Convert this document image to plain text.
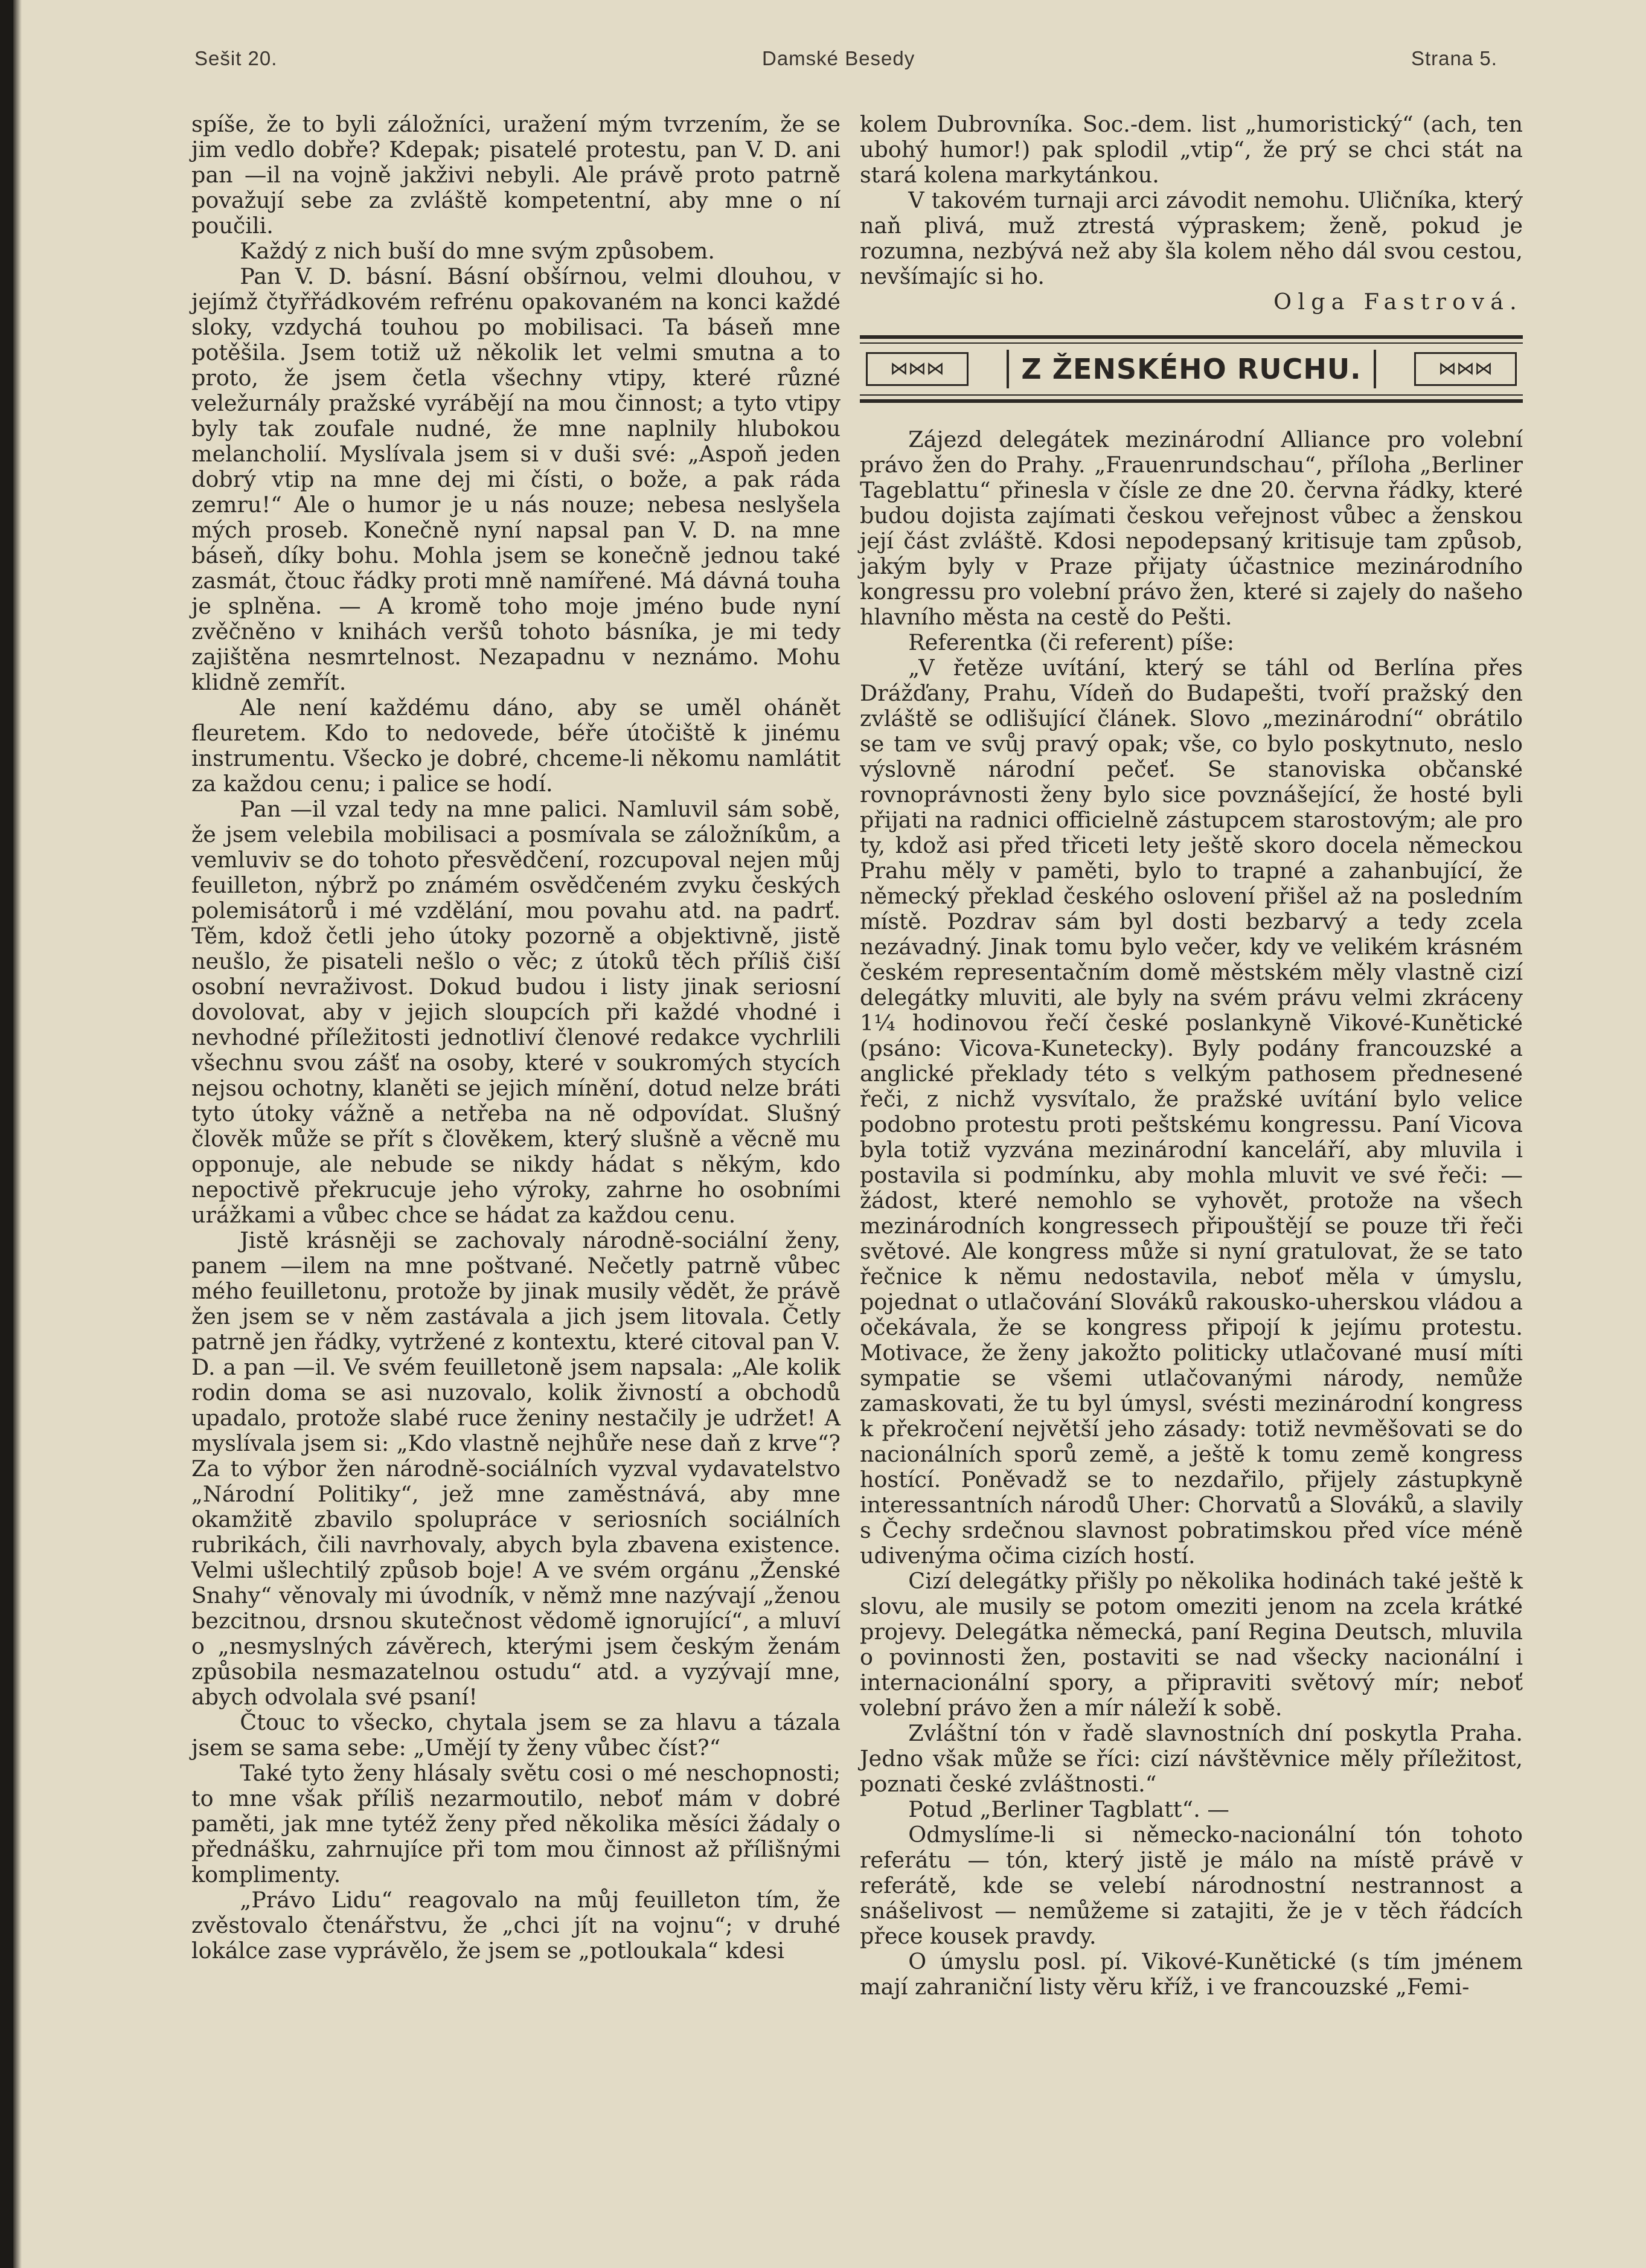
Sešit 20.	Damské Besedy	Strana 5.

spíše, že to byli záložníci, uražení mým tvrzením, že se jim vedlo dobře? Kdepak; pisatelé protestu, pan V. D. ani pan —il na vojně jakživi nebyli. Ale právě proto patrně považují sebe za zvláště kompetentní, aby mne o ní poučili.

Každý z nich buší do mne svým způsobem.

Pan V. D. básní. Básní obšírnou, velmi dlouhou, v jejímž čtyřřádkovém refrénu opakovaném na konci každé sloky, vzdychá touhou po mobilisaci. Ta báseň mne potěšila. Jsem totiž už několik let velmi smutna a to proto, že jsem četla všechny vtipy, které různé veležurnály pražské vyrábějí na mou činnost; a tyto vtipy byly tak zoufale nudné, že mne naplnily hlubokou melancholií. Myslívala jsem si v duši své: „Aspoň jeden dobrý vtip na mne dej mi čísti, o bože, a pak ráda zemru!“ Ale o humor je u nás nouze; nebesa neslyšela mých proseb. Konečně nyní napsal pan V. D. na mne báseň, díky bohu. Mohla jsem se konečně jednou také zasmát, čtouc řádky proti mně namířené. Má dávná touha je splněna. — A kromě toho moje jméno bude nyní zvěčněno v knihách veršů tohoto básníka, je mi tedy zajištěna nesmrtelnost. Nezapadnu v neznámo. Mohu klidně zemřít.

Ale není každému dáno, aby se uměl ohánět fleuretem. Kdo to nedovede, béře útočiště k jinému instrumentu. Všecko je dobré, chceme-li někomu namlátit za každou cenu; i palice se hodí.

Pan —il vzal tedy na mne palici. Namluvil sám sobě, že jsem velebila mobilisaci a posmívala se záložníkům, a vemluviv se do tohoto přesvědčení, rozcupoval nejen můj feuilleton, nýbrž po známém osvědčeném zvyku českých polemisátorů i mé vzdělání, mou povahu atd. na padrť. Těm, kdož četli jeho útoky pozorně a objektivně, jistě neušlo, že pisateli nešlo o věc; z útoků těch příliš čiší osobní nevraživost. Dokud budou i listy jinak seriosní dovolovat, aby v jejich sloupcích při každé vhodné i nevhodné příležitosti jednotliví členové redakce vychrlili všechnu svou zášť na osoby, které v soukromých stycích nejsou ochotny, klaněti se jejich mínění, dotud nelze bráti tyto útoky vážně a netřeba na ně odpovídat. Slušný člověk může se přít s člověkem, který slušně a věcně mu opponuje, ale nebude se nikdy hádat s někým, kdo nepoctivě překrucuje jeho výroky, zahrne ho osobními urážkami a vůbec chce se hádat za každou cenu.

Jistě krásněji se zachovaly národně-sociální ženy, panem —ilem na mne poštvané. Nečetly patrně vůbec mého feuilletonu, protože by jinak musily vědět, že právě žen jsem se v něm zastávala a jich jsem litovala. Četly patrně jen řádky, vytržené z kontextu, které citoval pan V. D. a pan —il. Ve svém feuilletoně jsem napsala: „Ale kolik rodin doma se asi nuzovalo, kolik živností a obchodů upadalo, protože slabé ruce ženiny nestačily je udržet! A myslívala jsem si: „Kdo vlastně nejhůře nese daň z krve“? Za to výbor žen národně-sociálních vyzval vydavatelstvo „Národní Politiky“, jež mne zaměstnává, aby mne okamžitě zbavilo spolupráce v seriosních sociálních rubrikách, čili navrhovaly, abych byla zbavena existence. Velmi ušlechtilý způsob boje! A ve svém orgánu „Ženské Snahy“ věnovaly mi úvodník, v němž mne nazývají „ženou bezcitnou, drsnou skutečnost vědomě ignorující“, a mluví o „nesmyslných závěrech, kterými jsem českým ženám způsobila nesmazatelnou ostudu“ atd. a vyzývají mne, abych odvolala své psaní!

Čtouc to všecko, chytala jsem se za hlavu a tázala jsem se sama sebe: „Umějí ty ženy vůbec číst?“

Také tyto ženy hlásaly světu cosi o mé neschopnosti; to mne však příliš nezarmoutilo, neboť mám v dobré paměti, jak mne tytéž ženy před několika měsíci žádaly o přednášku, zahrnujíce při tom mou činnost až přílišnými komplimenty.

„Právo Lidu“ reagovalo na můj feuilleton tím, že zvěstovalo čtenářstvu, že „chci jít na vojnu“; v druhé lokálce zase vyprávělo, že jsem se „potloukala“ kdesi

kolem Dubrovníka. Soc.-dem. list „humoristický“ (ach, ten ubohý humor!) pak splodil „vtip“, že prý se chci stát na stará kolena markytánkou.

V takovém turnaji arci závodit nemohu. Uličníka, který naň plivá, muž ztrestá výpraskem; ženě, pokud je rozumna, nezbývá než aby šla kolem něho dál svou cestou, nevšímajíc si ho.

Olga Fastrová.

⋈⋈⋈	Z ŽENSKÉHO RUCHU.	⋈⋈⋈

Zájezd delegátek mezinárodní Alliance pro volební právo žen do Prahy. „Frauenrundschau“, příloha „Berliner Tageblattu“ přinesla v čísle ze dne 20. června řádky, které budou dojista zajímati českou veřejnost vůbec a ženskou její část zvláště. Kdosi nepodepsaný kritisuje tam způsob, jakým byly v Praze přijaty účastnice mezinárodního kongressu pro volební právo žen, které si zajely do našeho hlavního města na cestě do Pešti.

Referentka (či referent) píše:

„V řetěze uvítání, který se táhl od Berlína přes Drážďany, Prahu, Vídeň do Budapešti, tvoří pražský den zvláště se odlišující článek. Slovo „mezinárodní“ obrátilo se tam ve svůj pravý opak; vše, co bylo poskytnuto, neslo výslovně národní pečeť. Se stanoviska občanské rovnoprávnosti ženy bylo sice povznášející, že hosté byli přijati na radnici officielně zástupcem starostovým; ale pro ty, kdož asi před třiceti lety ještě skoro docela německou Prahu měly v paměti, bylo to trapné a zahanbující, že německý překlad českého oslovení přišel až na posledním místě. Pozdrav sám byl dosti bezbarvý a tedy zcela nezávadný. Jinak tomu bylo večer, kdy ve velikém krásném českém representačním domě městském měly vlastně cizí delegátky mluviti, ale byly na svém právu velmi zkráceny 1¼ hodinovou řečí české poslankyně Vikové-Kunětické (psáno: Vicova-Kunetecky). Byly podány francouzské a anglické překlady této s velkým pathosem přednesené řeči, z nichž vysvítalo, že pražské uvítání bylo velice podobno protestu proti peštskému kongressu. Paní Vicova byla totiž vyzvána mezinárodní kanceláří, aby mluvila i postavila si podmínku, aby mohla mluvit ve své řeči: — žádost, které nemohlo se vyhovět, protože na všech mezinárodních kongressech připouštějí se pouze tři řeči světové. Ale kongress může si nyní gratulovat, že se tato řečnice k němu nedostavila, neboť měla v úmyslu, pojednat o utlačování Slováků rakousko-uherskou vládou a očekávala, že se kongress připojí k jejímu protestu. Motivace, že ženy jakožto politicky utlačované musí míti sympatie se všemi utlačovanými národy, nemůže zamaskovati, že tu byl úmysl, svésti mezinárodní kongress k překročení největší jeho zásady: totiž nevměšovati se do nacionálních sporů země, a ještě k tomu země kongress hostící. Poněvadž se to nezdařilo, přijely zástupkyně interessantních národů Uher: Chorvatů a Slováků, a slavily s Čechy srdečnou slavnost pobratimskou před více méně udivenýma očima cizích hostí.

Cizí delegátky přišly po několika hodinách také ještě k slovu, ale musily se potom omeziti jenom na zcela krátké projevy. Delegátka německá, paní Regina Deutsch, mluvila o povinnosti žen, postaviti se nad všecky nacionální i internacionální spory, a připraviti světový mír; neboť volební právo žen a mír náleží k sobě.

Zvláštní tón v řadě slavnostních dní poskytla Praha. Jedno však může se říci: cizí návštěvnice měly příležitost, poznati české zvláštnosti.“

Potud „Berliner Tagblatt“. —

Odmyslíme-li si německo-nacionální tón tohoto referátu — tón, který jistě je málo na místě právě v referátě, kde se velebí národnostní nestrannost a snášelivost — nemůžeme si zatajiti, že je v těch řádcích přece kousek pravdy.

O úmyslu posl. pí. Vikové-Kunětické (s tím jménem mají zahraniční listy věru kříž, i ve francouzské „Femi-
